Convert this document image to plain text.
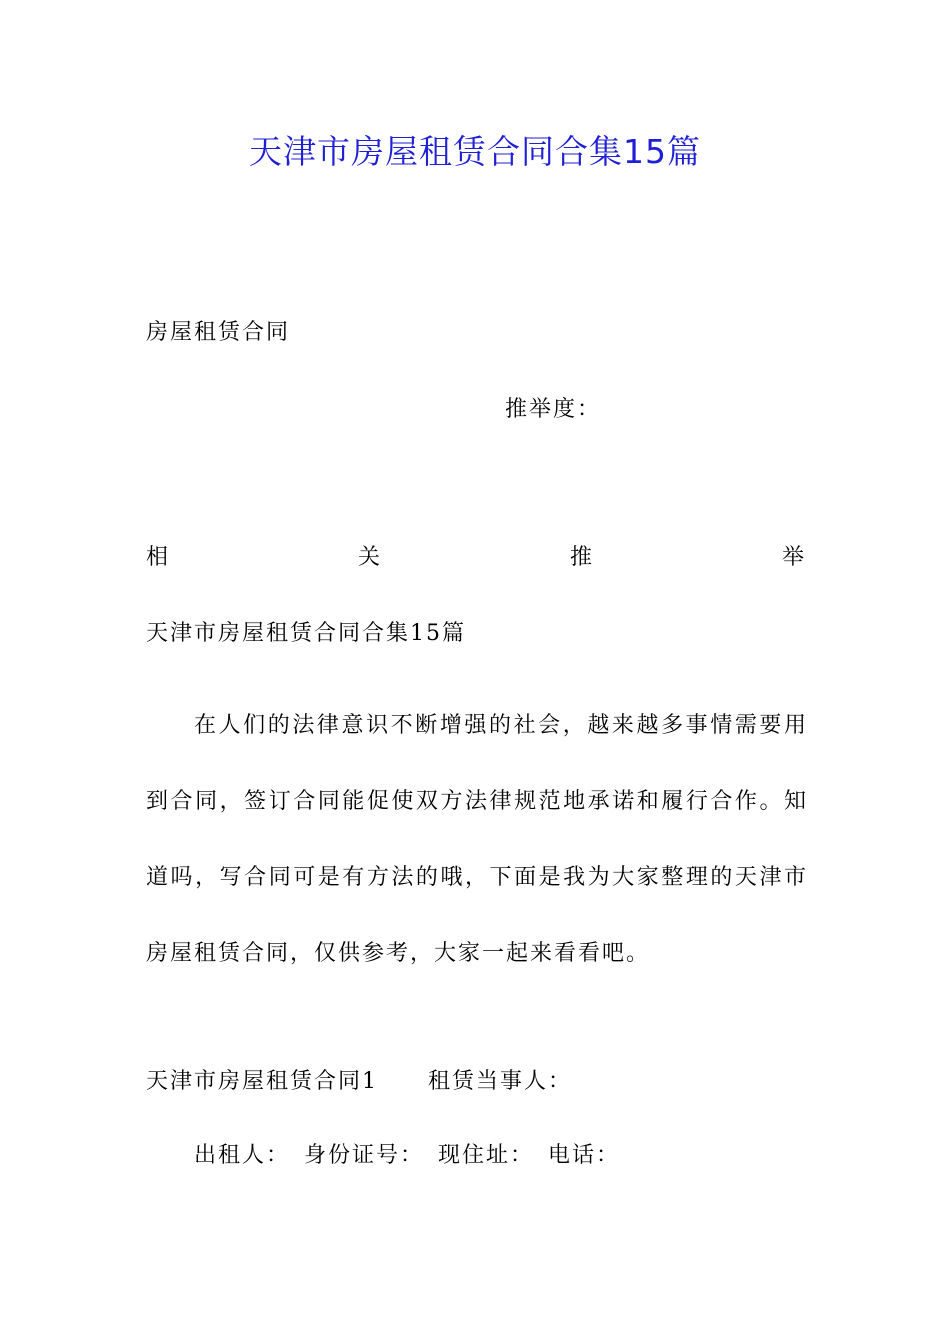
天津市房屋租赁合同合集15篇
房屋租赁合同
推举度：
相	关	推	举
天津市房屋租赁合同合集15篇
在人们的法律意识不断增强的社会，越来越多事情需要用到合同，签订合同能促使双方法律规范地承诺和履行合作。知道吗，写合同可是有方法的哦，下面是我为大家整理的天津市房屋租赁合同，仅供参考，大家一起来看看吧。
天津市房屋租赁合同1 租赁当事人：
出租人： 身份证号： 现住址： 电话：
